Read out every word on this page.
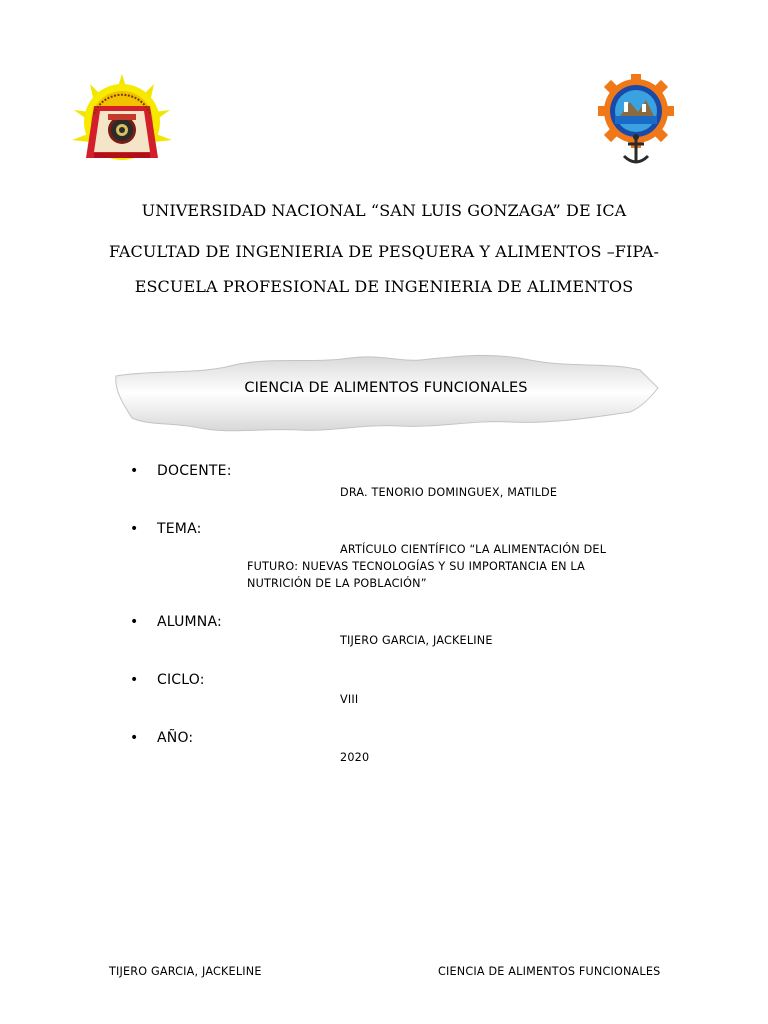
UNIVERSIDAD NACIONAL “SAN LUIS GONZAGA” DE ICA
FACULTAD DE INGENIERIA DE PESQUERA Y ALIMENTOS –FIPA-
ESCUELA PROFESIONAL DE INGENIERIA DE ALIMENTOS
CIENCIA DE ALIMENTOS FUNCIONALES
• DOCENTE:
DRA. TENORIO DOMINGUEX, MATILDE
• TEMA:
ARTÍCULO CIENTÍFICO “LA ALIMENTACIÓN DEL
FUTURO: NUEVAS TECNOLOGÍAS Y SU IMPORTANCIA EN LA
NUTRICIÓN DE LA POBLACIÓN”
• ALUMNA:
TIJERO GARCIA, JACKELINE
• CICLO:
VIII
• AÑO:
2020
TIJERO GARCIA, JACKELINE	CIENCIA DE ALIMENTOS FUNCIONALES
